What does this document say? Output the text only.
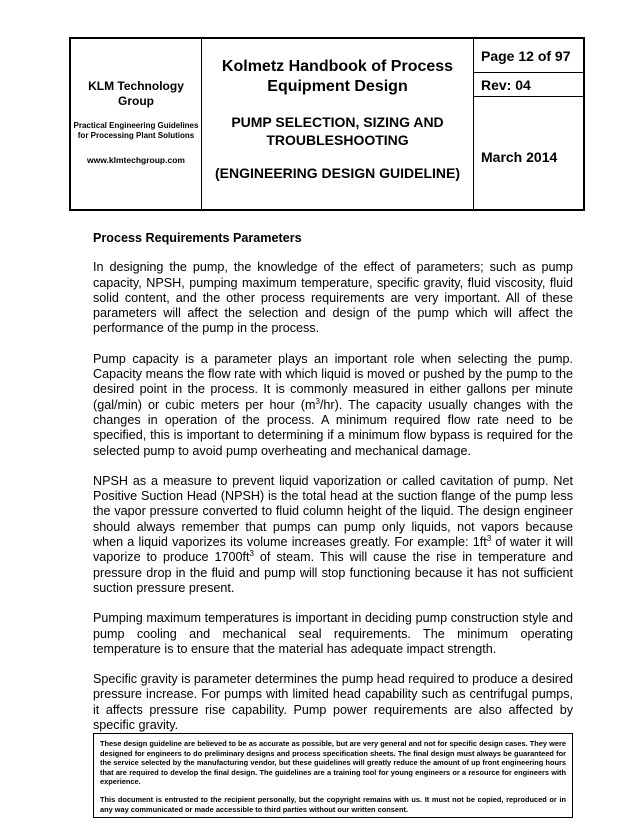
KLM Technology Group
Practical Engineering Guidelines for Processing Plant Solutions
www.klmtechgroup.com
Kolmetz Handbook of Process Equipment Design
PUMP SELECTION, SIZING AND TROUBLESHOOTING
(ENGINEERING DESIGN GUIDELINE)
Page 12 of 97
Rev: 04
March 2014

Process Requirements Parameters

In designing the pump, the knowledge of the effect of parameters; such as pump capacity, NPSH, pumping maximum temperature, specific gravity, fluid viscosity, fluid solid content, and the other process requirements are very important. All of these parameters will affect the selection and design of the pump which will affect the performance of the pump in the process.

Pump capacity is a parameter plays an important role when selecting the pump. Capacity means the flow rate with which liquid is moved or pushed by the pump to the desired point in the process. It is commonly measured in either gallons per minute (gal/min) or cubic meters per hour $(m^3/hr)$. The capacity usually changes with the changes in operation of the process. A minimum required flow rate need to be specified, this is important to determining if a minimum flow bypass is required for the selected pump to avoid pump overheating and mechanical damage.

NPSH as a measure to prevent liquid vaporization or called cavitation of pump. Net Positive Suction Head (NPSH) is the total head at the suction flange of the pump less the vapor pressure converted to fluid column height of the liquid. The design engineer should always remember that pumps can pump only liquids, not vapors because when a liquid vaporizes its volume increases greatly. For example: $1ft^3$ of water it will vaporize to produce $1700ft^3$ of steam. This will cause the rise in temperature and pressure drop in the fluid and pump will stop functioning because it has not sufficient suction pressure present.

Pumping maximum temperatures is important in deciding pump construction style and pump cooling and mechanical seal requirements. The minimum operating temperature is to ensure that the material has adequate impact strength.

Specific gravity is parameter determines the pump head required to produce a desired pressure increase. For pumps with limited head capability such as centrifugal pumps, it affects pressure rise capability. Pump power requirements are also affected by specific gravity.

These design guideline are believed to be as accurate as possible, but are very general and not for specific design cases. They were designed for engineers to do preliminary designs and process specification sheets. The final design must always be guaranteed for the service selected by the manufacturing vendor, but these guidelines will greatly reduce the amount of up front engineering hours that are required to develop the final design. The guidelines are a training tool for young engineers or a resource for engineers with experience.

This document is entrusted to the recipient personally, but the copyright remains with us. It must not be copied, reproduced or in any way communicated or made accessible to third parties without our written consent.
